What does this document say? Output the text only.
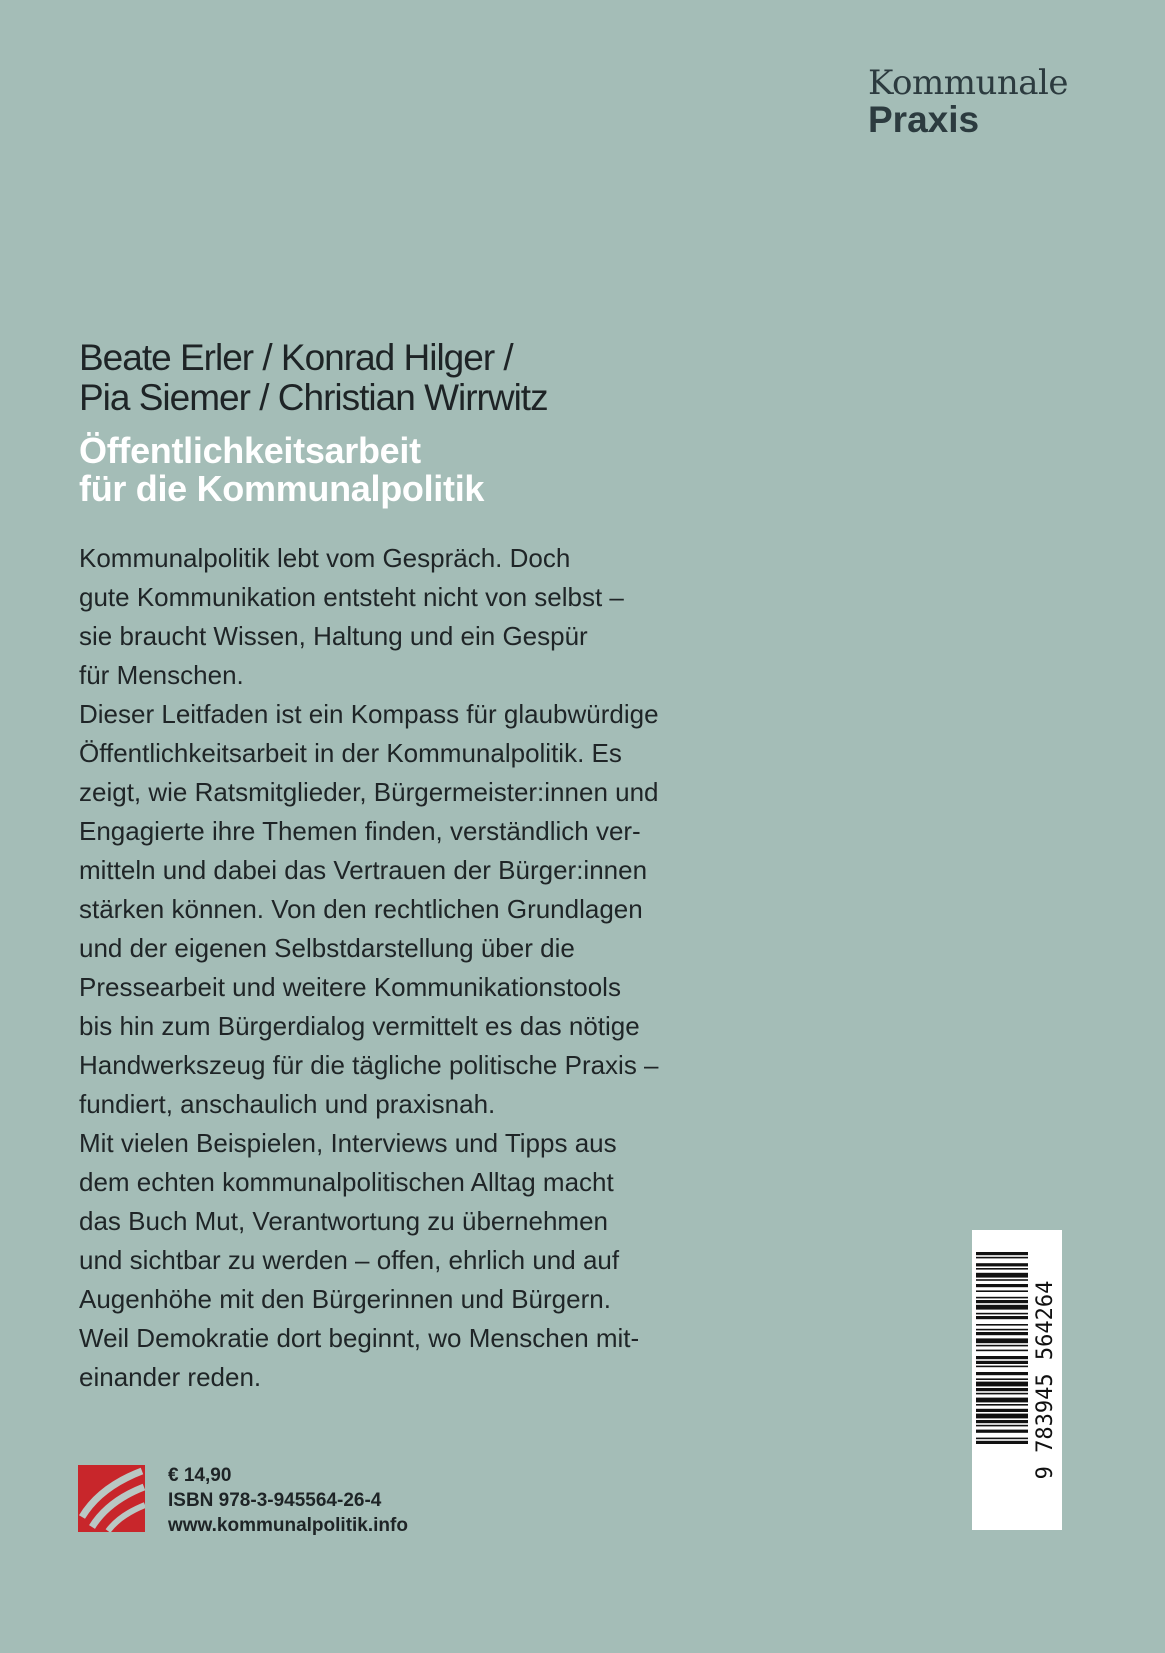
Kommunale
Praxis
Beate Erler / Konrad Hilger /
Pia Siemer / Christian Wirrwitz
Öffentlichkeitsarbeit
für die Kommunalpolitik
Kommunalpolitik lebt vom Gespräch. Doch
gute Kommunikation entsteht nicht von selbst –
sie braucht Wissen, Haltung und ein Gespür
für Menschen.
Dieser Leitfaden ist ein Kompass für glaubwürdige
Öffentlichkeitsarbeit in der Kommunalpolitik. Es
zeigt, wie Ratsmitglieder, Bürgermeister:innen und
Engagierte ihre Themen finden, verständlich ver-
mitteln und dabei das Vertrauen der Bürger:innen
stärken können. Von den rechtlichen Grundlagen
und der eigenen Selbstdarstellung über die
Pressearbeit und weitere Kommunikationstools
bis hin zum Bürgerdialog vermittelt es das nötige
Handwerkszeug für die tägliche politische Praxis –
fundiert, anschaulich und praxisnah.
Mit vielen Beispielen, Interviews und Tipps aus
dem echten kommunalpolitischen Alltag macht
das Buch Mut, Verantwortung zu übernehmen
und sichtbar zu werden – offen, ehrlich und auf
Augenhöhe mit den Bürgerinnen und Bürgern.
Weil Demokratie dort beginnt, wo Menschen mit-
einander reden.
€ 14,90
ISBN 978-3-945564-26-4
www.kommunalpolitik.info
9 783945 564264
